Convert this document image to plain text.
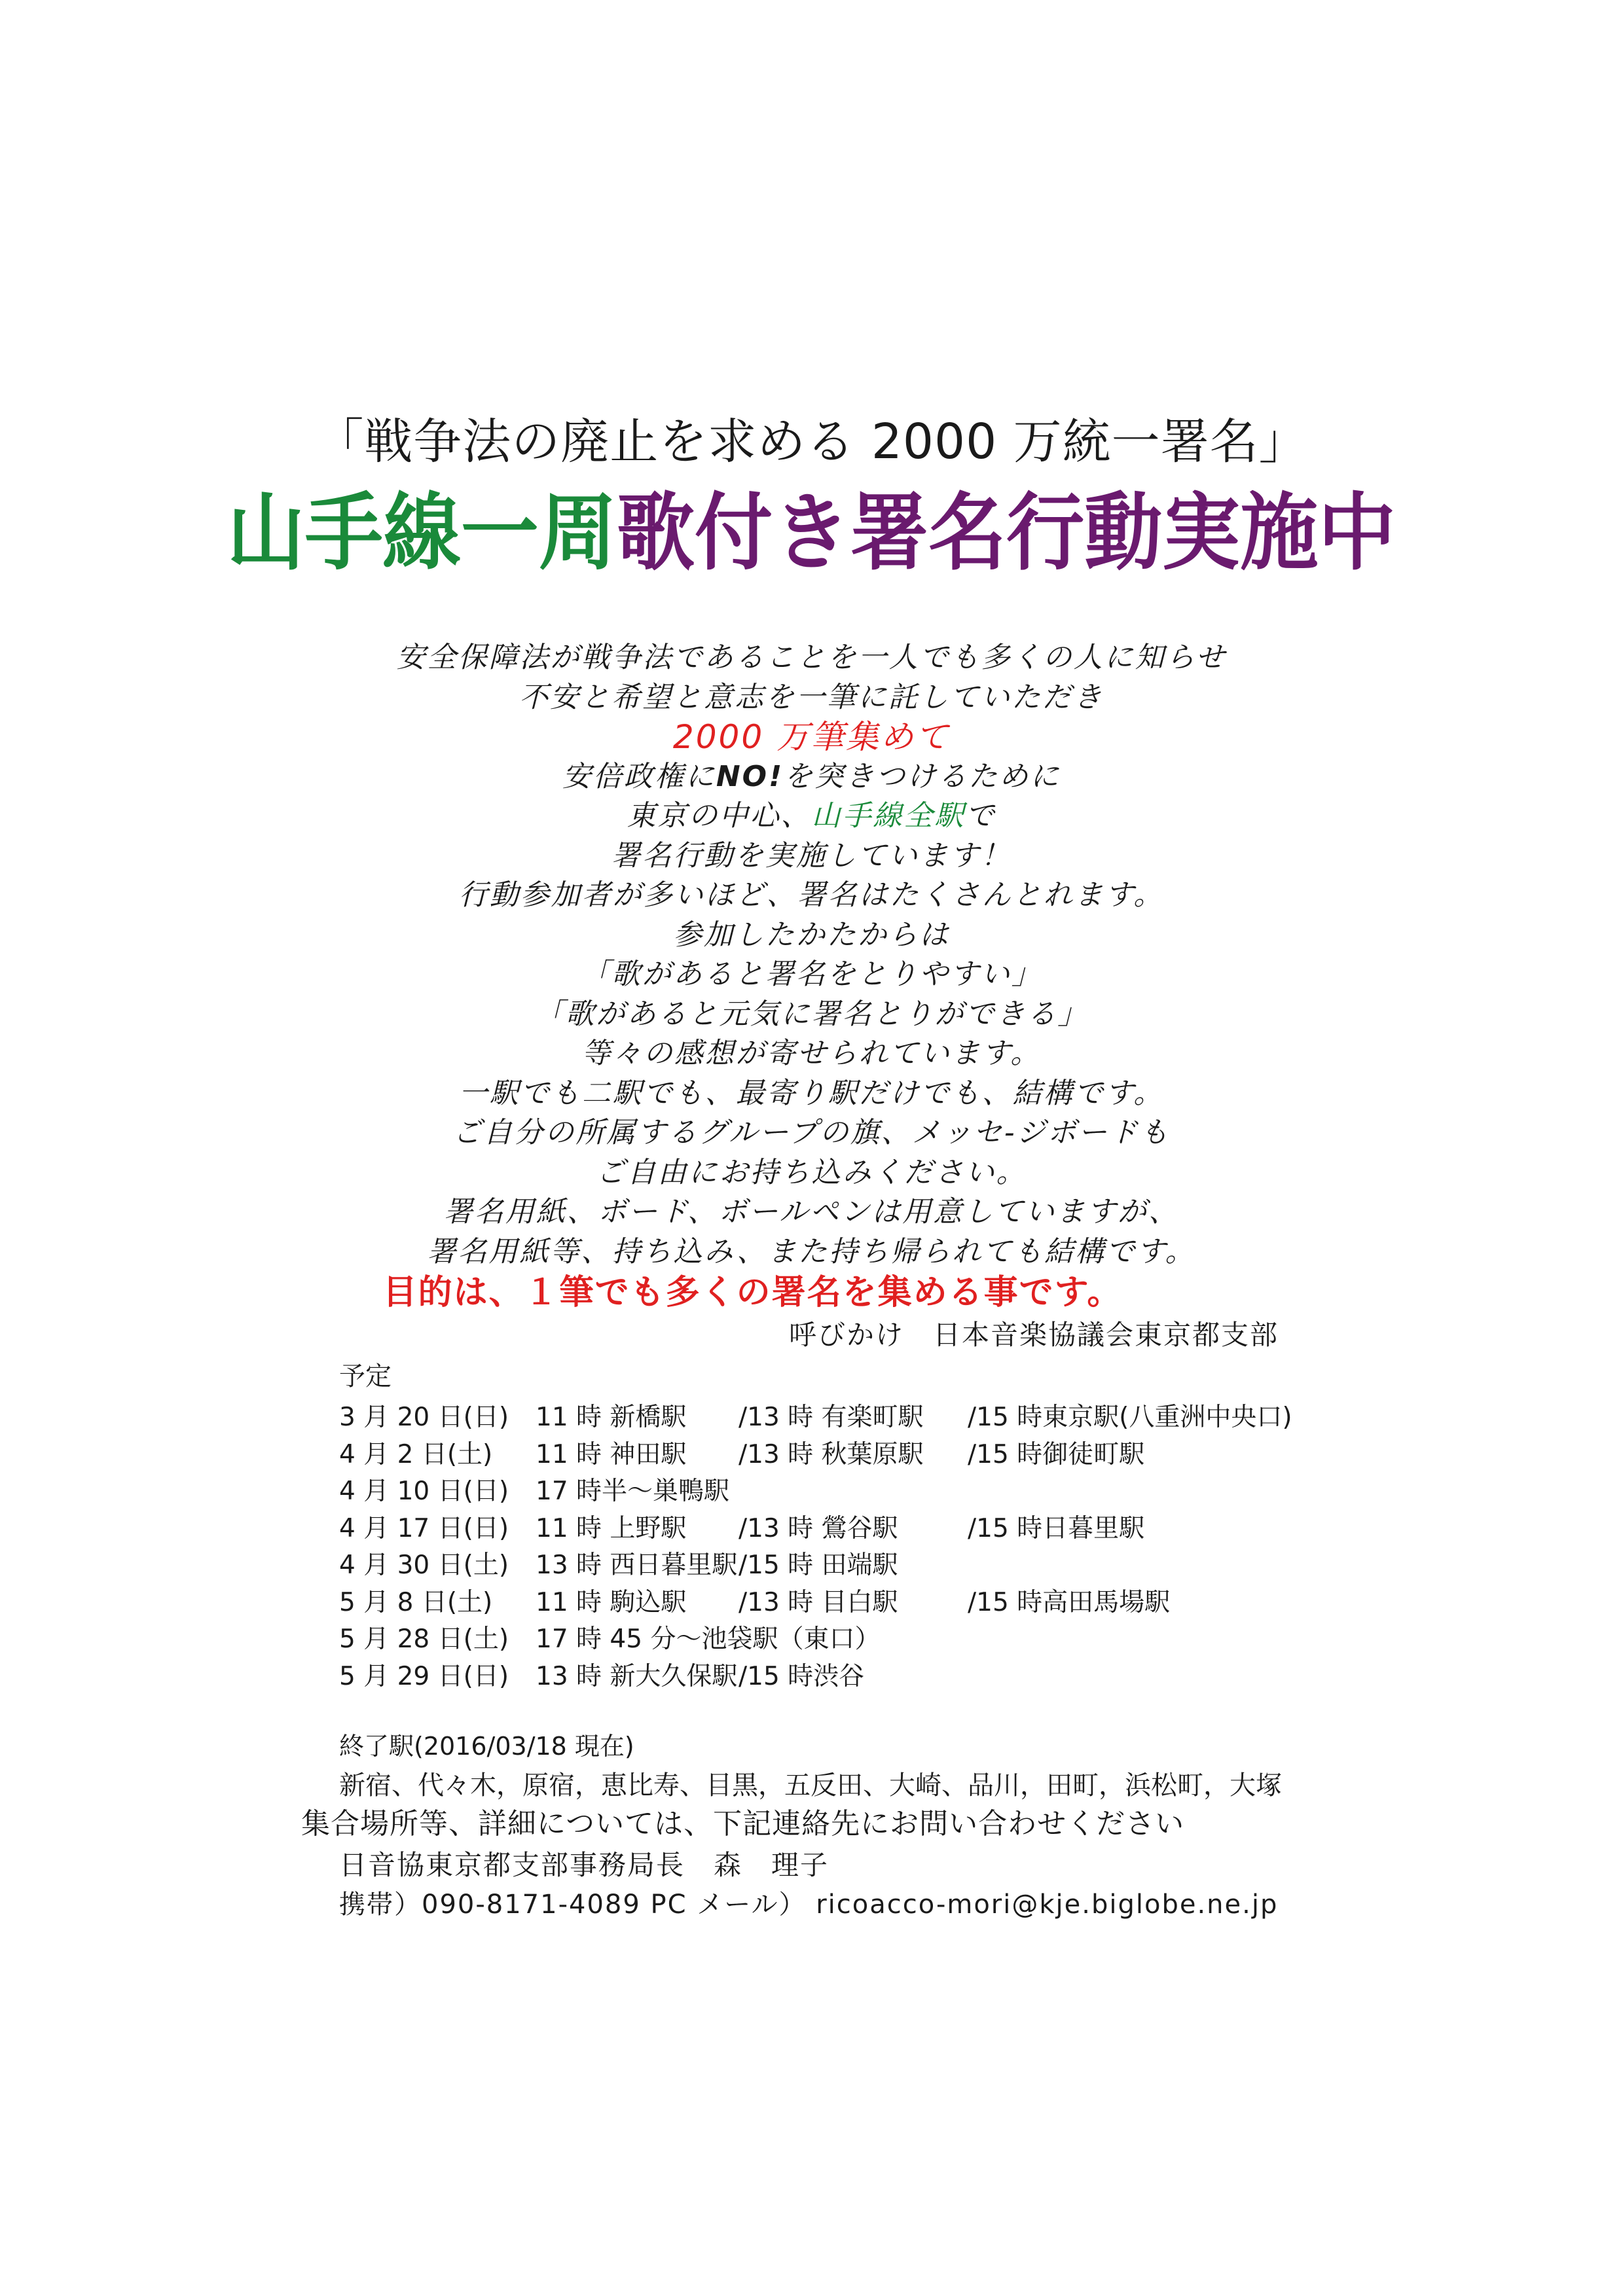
「戦争法の廃止を求める 2000 万統一署名」
山手線一周歌付き署名行動実施中
安全保障法が戦争法であることを一人でも多くの人に知らせ
不安と希望と意志を一筆に託していただき
2000 万筆集めて
安倍政権にNO!を突きつけるために
東京の中心、山手線全駅で
署名行動を実施しています！
行動参加者が多いほど、署名はたくさんとれます。
参加したかたからは
「歌があると署名をとりやすい」
「歌があると元気に署名とりができる」
等々の感想が寄せられています。
一駅でも二駅でも、最寄り駅だけでも、結構です。
ご自分の所属するグループの旗、メッセ-ジボードも
ご自由にお持ち込みください。
署名用紙、ボード、ボールペンは用意していますが、
署名用紙等、持ち込み、また持ち帰られても結構です。
目的は、１筆でも多くの署名を集める事です。
呼びかけ　日本音楽協議会東京都支部
予定
3 月 20 日(日) 11 時 新橋駅 /13 時 有楽町駅 /15 時東京駅(八重洲中央口)
4 月 2 日(土) 11 時 神田駅 /13 時 秋葉原駅 /15 時御徒町駅
4 月 10 日(日) 17 時半～巣鴨駅
4 月 17 日(日) 11 時 上野駅 /13 時 鶯谷駅	/15 時日暮里駅
4 月 30 日(土) 13 時 西日暮里駅 /15 時 田端駅
5 月 8 日(土) 11 時 駒込駅 /13 時 目白駅	/15 時高田馬場駅
5 月 28 日(土) 17 時 45 分～池袋駅（東口）
5 月 29 日(日) 13 時 新大久保駅 /15 時渋谷
終了駅(2016/03/18 現在)
新宿、代々木，原宿，恵比寿、目黒，五反田、大崎、品川，田町，浜松町，大塚
集合場所等、詳細については、下記連絡先にお問い合わせください
日音協東京都支部事務局長　森　理子
携帯）090-8171-4089 PC メール） ricoacco-mori@kje.biglobe.ne.jp
